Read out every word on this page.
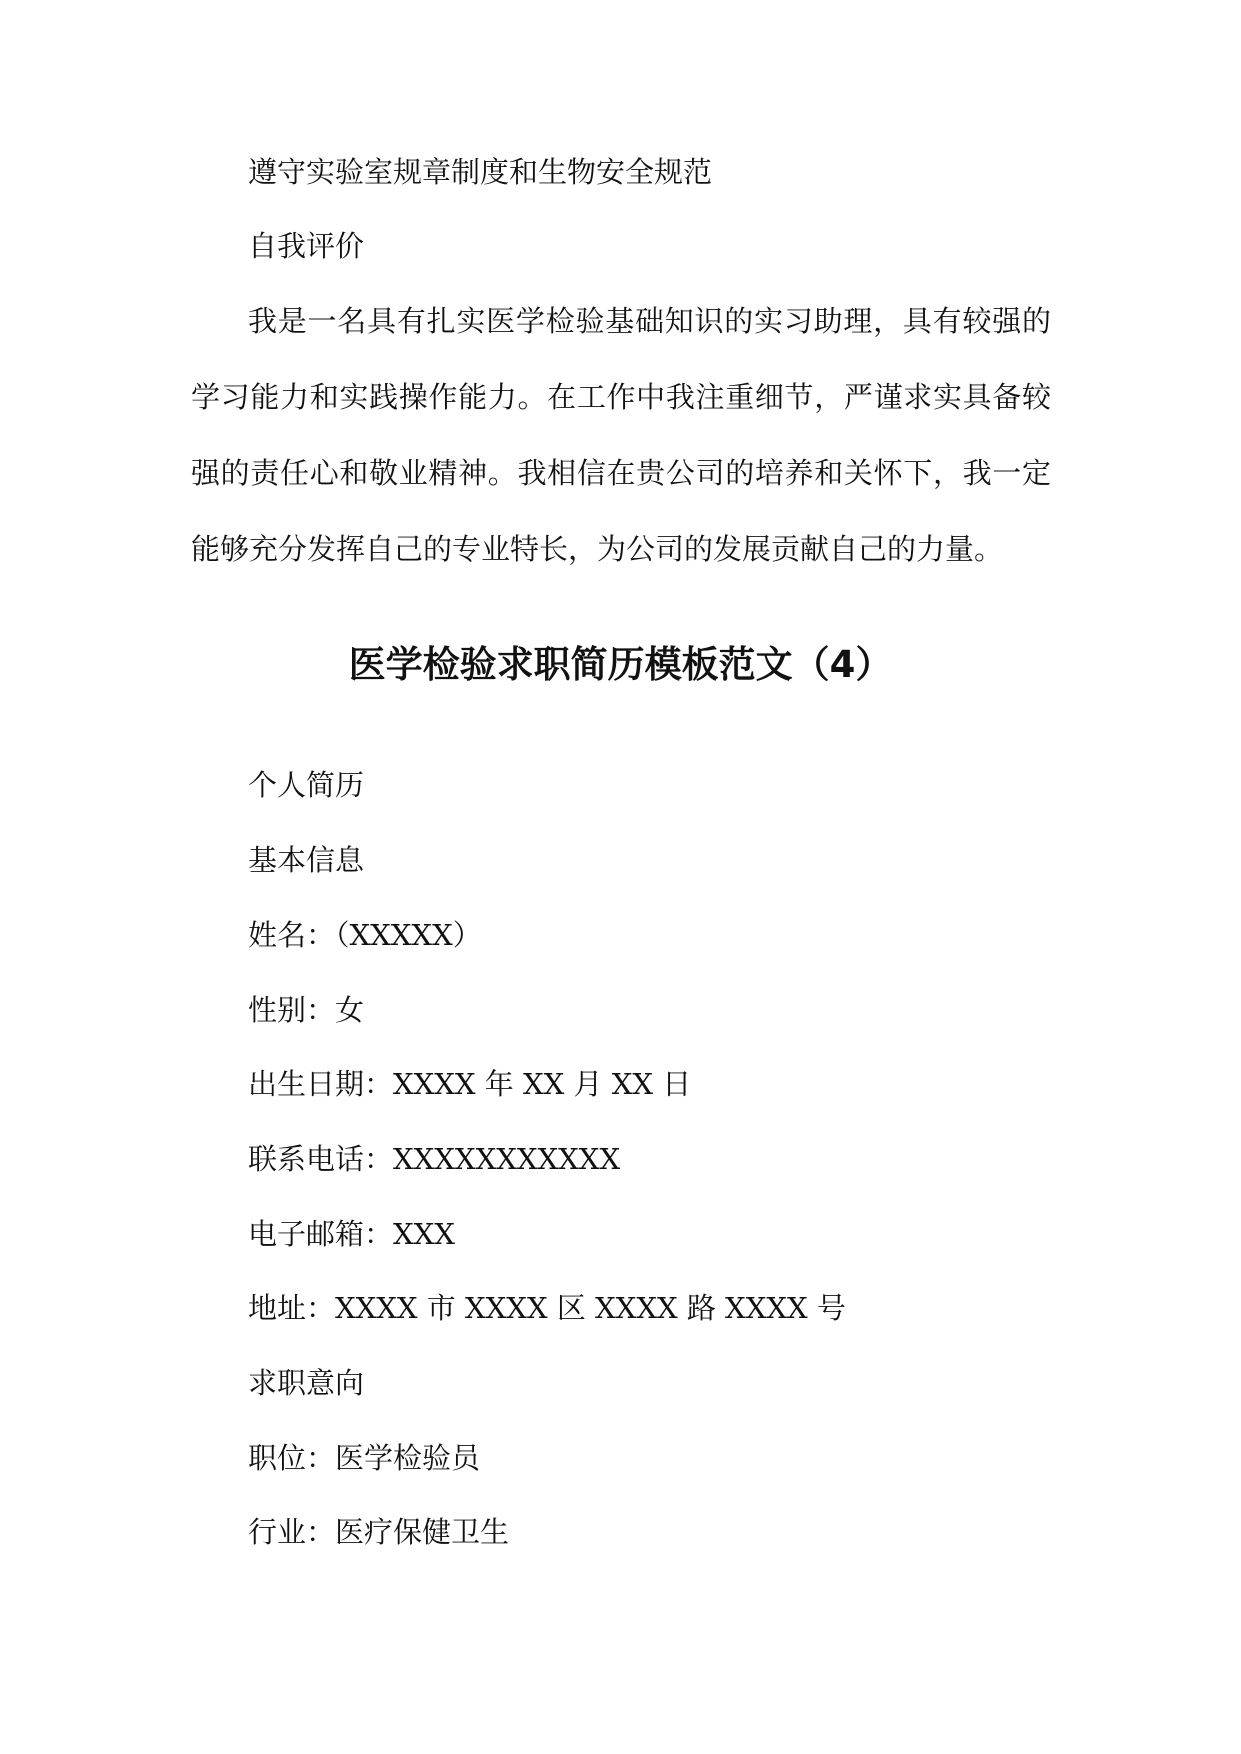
遵守实验室规章制度和生物安全规范
自我评价

我是一名具有扎实医学检验基础知识的实习助理，具有较强的学习能力和实践操作能力。在工作中我注重细节，严谨求实具备较强的责任心和敬业精神。我相信在贵公司的培养和关怀下，我一定能够充分发挥自己的专业特长，为公司的发展贡献自己的力量。

医学检验求职简历模板范文（4）
个人简历
基本信息
姓名：（XXXXX）
性别：女
出生日期：XXXX 年 XX 月 XX 日
联系电话：XXXXXXXXXXX
电子邮箱：XXX
地址：XXXX 市 XXXX 区 XXXX 路 XXXX 号
求职意向
职位：医学检验员
行业：医疗保健卫生
